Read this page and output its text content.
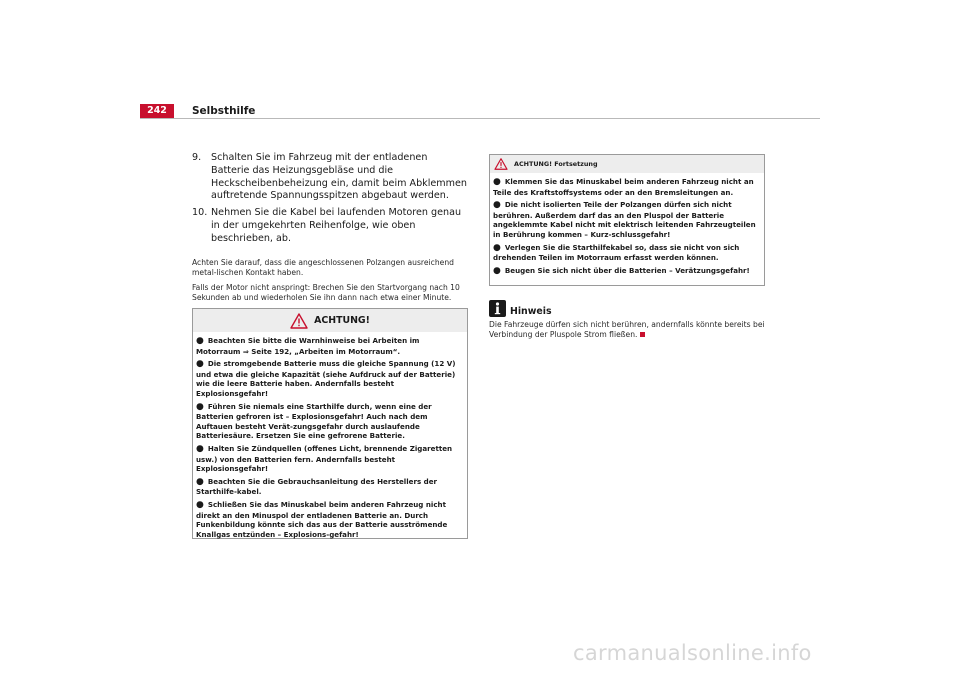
242	Selbsthilfe
9. Schalten Sie im Fahrzeug mit der entladenen Batterie das Heizungsgebläse und die Heckscheibenbeheizung ein, damit beim Abklemmen auftretende Spannungsspitzen abgebaut werden.
10. Nehmen Sie die Kabel bei laufenden Motoren genau in der umgekehrten Reihenfolge, wie oben beschrieben, ab.

Achten Sie darauf, dass die angeschlossenen Polzangen ausreichend metal-lischen Kontakt haben.

Falls der Motor nicht anspringt: Brechen Sie den Startvorgang nach 10 Sekunden ab und wiederholen Sie ihn dann nach etwa einer Minute.

ACHTUNG!
● Beachten Sie bitte die Warnhinweise bei Arbeiten im Motorraum ⇒ Seite 192, „Arbeiten im Motorraum“.
● Die stromgebende Batterie muss die gleiche Spannung (12 V) und etwa die gleiche Kapazität (siehe Aufdruck auf der Batterie) wie die leere Batterie haben. Andernfalls besteht Explosionsgefahr!
● Führen Sie niemals eine Starthilfe durch, wenn eine der Batterien gefroren ist – Explosionsgefahr! Auch nach dem Auftauen besteht Verät-zungsgefahr durch auslaufende Batteriesäure. Ersetzen Sie eine gefrorene Batterie.
● Halten Sie Zündquellen (offenes Licht, brennende Zigaretten usw.) von den Batterien fern. Andernfalls besteht Explosionsgefahr!
● Beachten Sie die Gebrauchsanleitung des Herstellers der Starthilfe-kabel.
● Schließen Sie das Minuskabel beim anderen Fahrzeug nicht direkt an den Minuspol der entladenen Batterie an. Durch Funkenbildung könnte sich das aus der Batterie ausströmende Knallgas entzünden – Explosions-gefahr!
ACHTUNG! Fortsetzung
● Klemmen Sie das Minuskabel beim anderen Fahrzeug nicht an Teile des Kraftstoffsystems oder an den Bremsleitungen an.
● Die nicht isolierten Teile der Polzangen dürfen sich nicht berühren. Außerdem darf das an den Pluspol der Batterie angeklemmte Kabel nicht mit elektrisch leitenden Fahrzeugteilen in Berührung kommen – Kurz-schlussgefahr!
● Verlegen Sie die Starthilfekabel so, dass sie nicht von sich drehenden Teilen im Motorraum erfasst werden können.
● Beugen Sie sich nicht über die Batterien – Verätzungsgefahr!
Hinweis
Die Fahrzeuge dürfen sich nicht berühren, andernfalls könnte bereits bei Verbindung der Pluspole Strom fließen.
carmanualsonline.info
